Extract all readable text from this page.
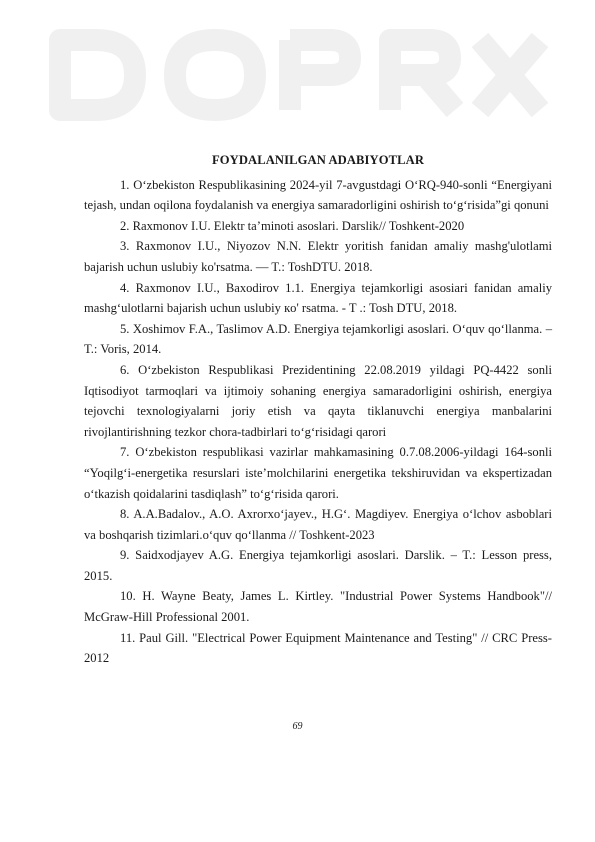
FOYDALANILGAN ADABIYOTLAR

1. O‘zbekiston Respublikasining 2024-yil 7-avgustdagi O‘RQ-940-sonli “Energiyani tejash, undan oqilona foydalanish va energiya samaradorligini oshirish to‘g‘risida”gi qonuni

2. Raxmonov I.U. Elektr ta’minoti asoslari. Darslik// Toshkent-2020

3. Raxmonov I.U., Niyozov N.N. Elektr yoritish fanidan amaliy mashg'ulotlami bajarish uchun uslubiy ko'rsatma. — T.: ToshDTU. 2018.

4. Raxmonov I.U., Baxodirov 1.1. Energiya tejamkorligi asosiari fanidan amaliy mashg‘ulotlarni bajarish uchun uslubiy кo' rsatma. - T .: Tosh DTU, 2018.

5. Xoshimov F.A., Taslimov A.D. Energiya tejamkorligi asoslari. O‘quv qo‘llanma. – T.: Voris, 2014.

6. O‘zbekiston Respublikasi Prezidentining 22.08.2019 yildagi PQ-4422 sonli Iqtisodiyot tarmoqlari va ijtimoiy sohaning energiya samaradorligini oshirish, energiya tejovchi texnologiyalarni joriy etish va qayta tiklanuvchi energiya manbalarini rivojlantirishning tezkor chora-tadbirlari to‘g‘risidagi qarori

7. O‘zbekiston respublikasi vazirlar mahkamasining 0.7.08.2006-yildagi 164-sonli “Yoqilg‘i-energetika resurslari iste’molchilarini energetika tekshiruvidan va ekspertizadan o‘tkazish qoidalarini tasdiqlash” to‘g‘risida qarori.

8. A.A.Badalov., A.O. Axrorxo‘jayev., H.G‘. Magdiyev. Energiya o‘lchov asboblari va boshqarish tizimlari.o‘quv qo‘llanma // Toshkent-2023

9. Saidxodjayev A.G. Energiya tejamkorligi asoslari. Darslik. – T.: Lesson press, 2015.

10. H. Wayne Beaty, James L. Kirtley. "Industrial Power Systems Handbook"// McGraw-Hill Professional 2001.

11. Paul Gill. "Electrical Power Equipment Maintenance and Testing" // CRC Press-2012

69
